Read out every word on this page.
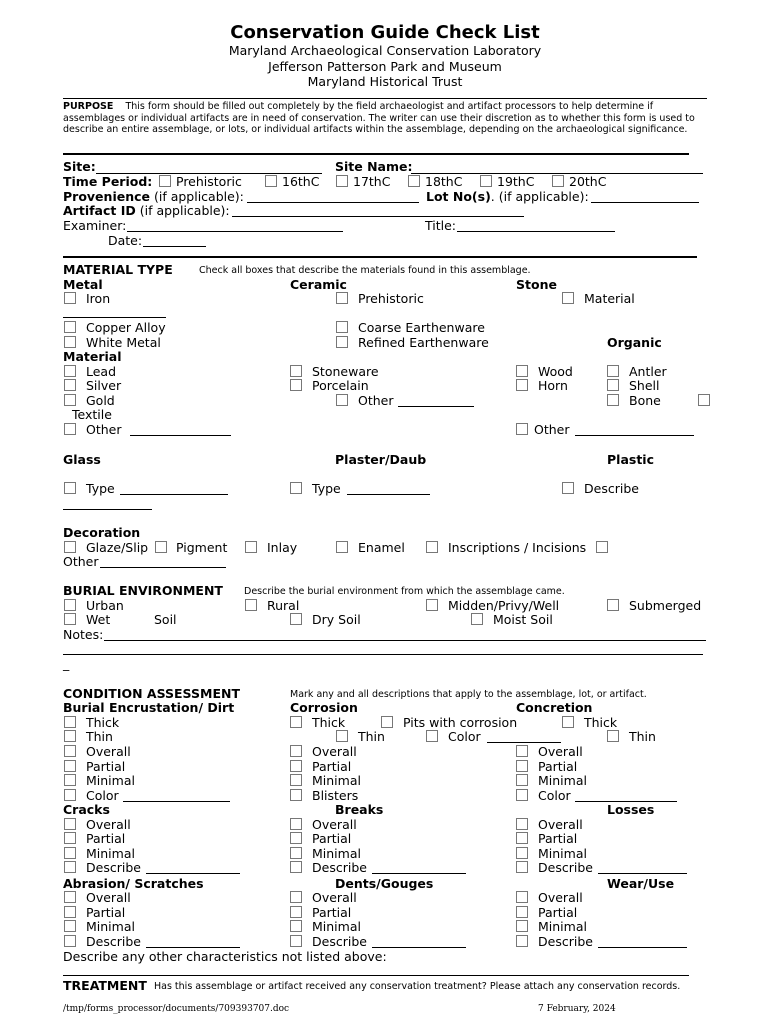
Conservation Guide Check List
Maryland Archaeological Conservation Laboratory
Jefferson Patterson Park and Museum
Maryland Historical Trust
PURPOSE This form should be filled out completely by the field archaeologist and artifact processors to help determine if assemblages or individual artifacts are in need of conservation. The writer can use their discretion as to whether this form is used to describe an entire assemblage, or lots, or individual artifacts within the assemblage, depending on the archaeological significance.
Site:	Site Name:
Time Period: Prehistoric	16thC	17thC	18thC	19thC	20thC
Provenience (if applicable):	Lot No(s). (if applicable):
Artifact ID (if applicable):
Examiner:	Title:
Date:
MATERIAL TYPE	Check all boxes that describe the materials found in this assemblage.
Metal	Ceramic	Stone
Iron	Prehistoric	Material
Copper Alloy	Coarse Earthenware
White Metal	Refined Earthenware	Organic
Material
Lead	Stoneware	Wood	Antler
Silver	Porcelain	Horn	Shell
Gold	Other	Bone
Textile
Other	Other
Glass	Plaster/Daub	Plastic
Type	Type	Describe
Decoration
Glaze/Slip Pigment	Inlay	Enamel	Inscriptions / Incisions
Other
BURIAL ENVIRONMENT Describe the burial environment from which the assemblage came.
Urban	Rural	Midden/Privy/Well	Submerged
Wet	Soil	Dry Soil	Moist Soil
Notes:
_
CONDITION ASSESSMENT	Mark any and all descriptions that apply to the assemblage, lot, or artifact.
Burial Encrustation/ Dirt	Corrosion	Concretion
Thick	Thick	Pits with corrosion	Thick
Thin	Thin	Color	Thin
Overall	Overall	Overall
Partial	Partial	Partial
Minimal	Minimal	Minimal
Color	Blisters	Color
Cracks	Breaks	Losses
Overall	Overall	Overall
Partial	Partial	Partial
Minimal	Minimal	Minimal
Describe	Describe	Describe
Abrasion/ Scratches	Dents/Gouges	Wear/Use
Overall	Overall	Overall
Partial	Partial	Partial
Minimal	Minimal	Minimal
Describe	Describe	Describe
Describe any other characteristics not listed above:
TREATMENT Has this assemblage or artifact received any conservation treatment? Please attach any conservation records.
/tmp/forms_processor/documents/709393707.doc	7 February, 2024
